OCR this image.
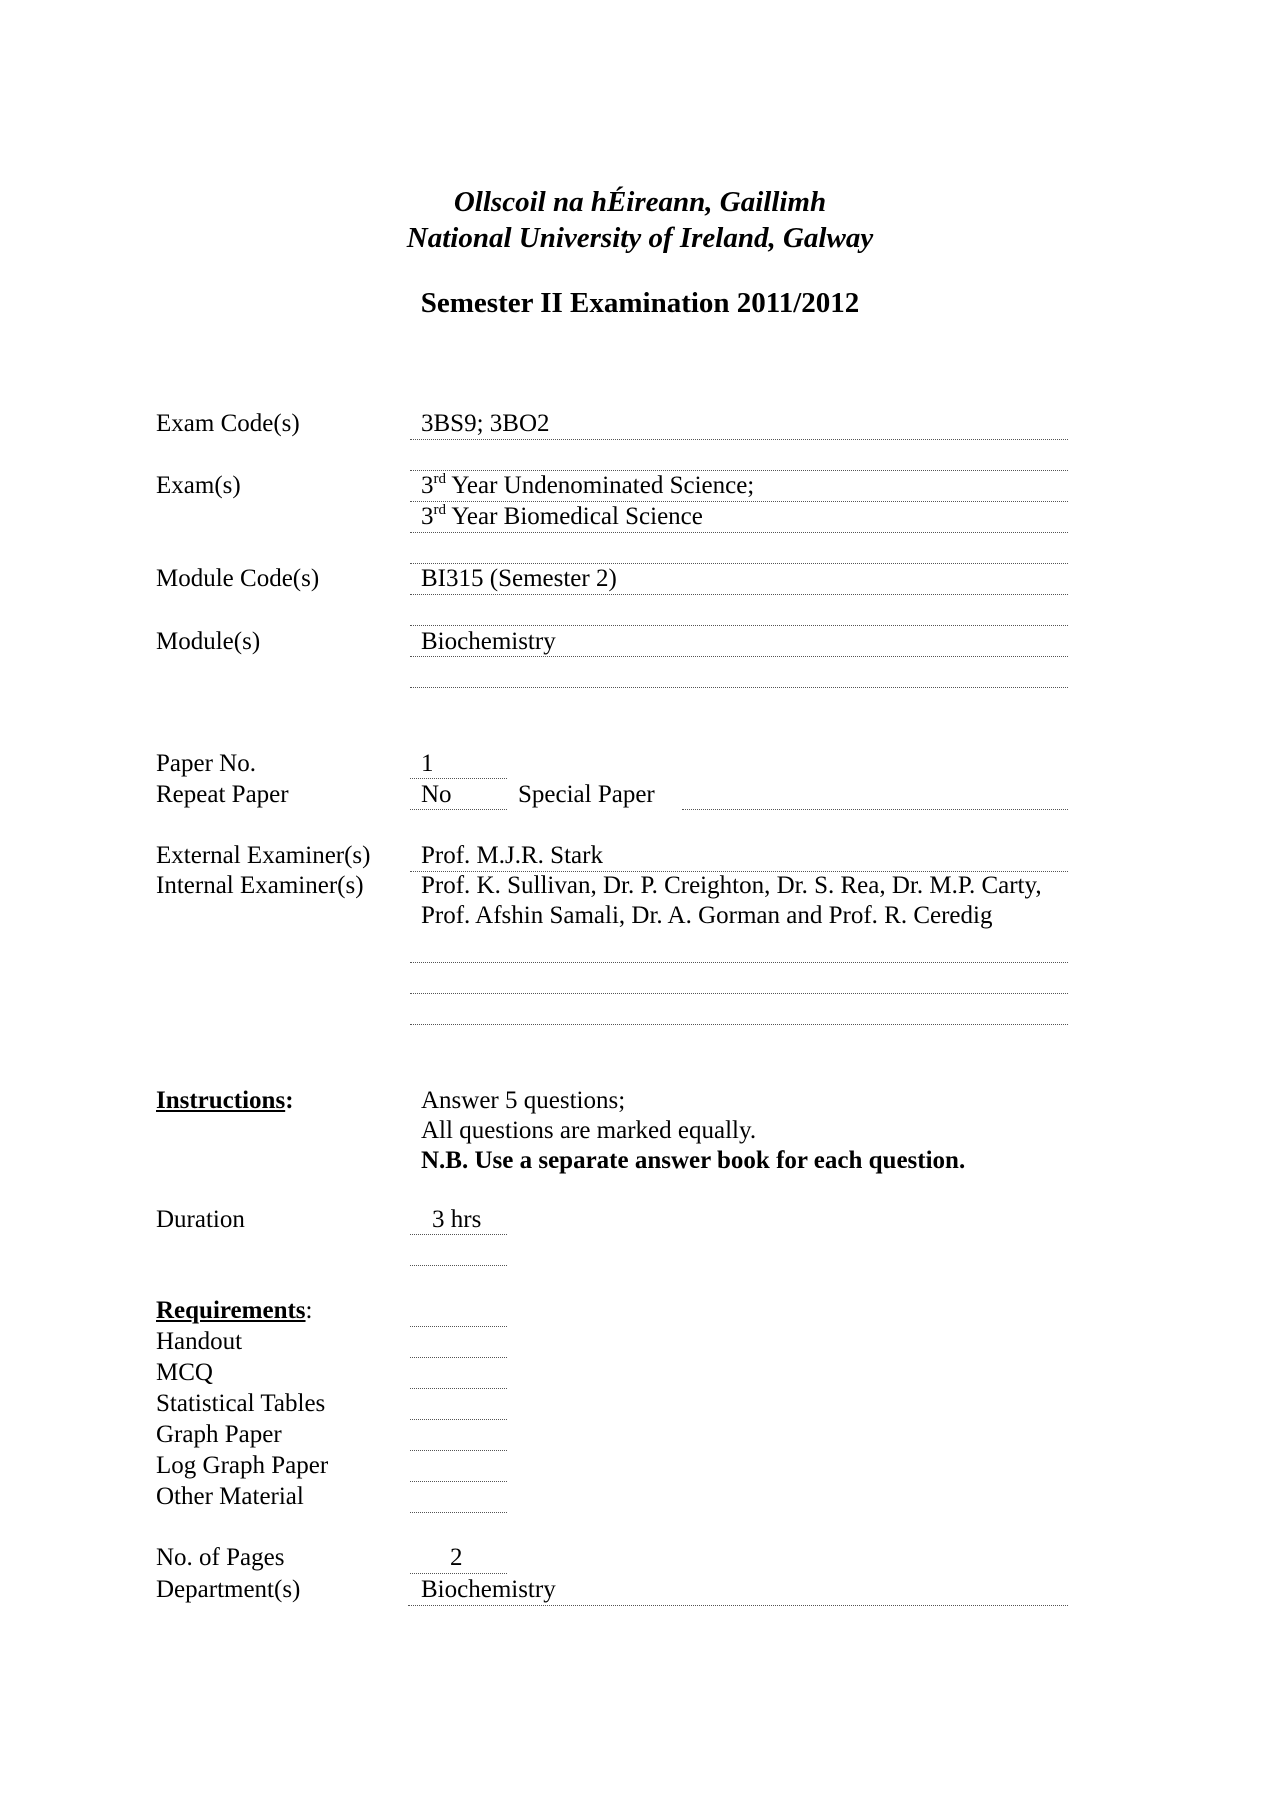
Ollscoil na hÉireann, Gaillimh
National University of Ireland, Galway
Semester II Examination 2011/2012
Exam Code(s)	3BS9; 3BO2
Exam(s)	3rd Year Undenominated Science;
3rd Year Biomedical Science
Module Code(s)	BI315 (Semester 2)
Module(s)	Biochemistry
Paper No.	1
Repeat Paper	No	Special Paper
External Examiner(s) Prof. M.J.R. Stark
Internal Examiner(s) Prof. K. Sullivan, Dr. P. Creighton, Dr. S. Rea, Dr. M.P. Carty, Prof. Afshin Samali, Dr. A. Gorman and Prof. R. Ceredig
Instructions:	Answer 5 questions;
All questions are marked equally.
N.B. Use a separate answer book for each question.
Duration	3 hrs
Requirements:
Handout
MCQ
Statistical Tables
Graph Paper
Log Graph Paper
Other Material
No. of Pages	2
Department(s)	Biochemistry
